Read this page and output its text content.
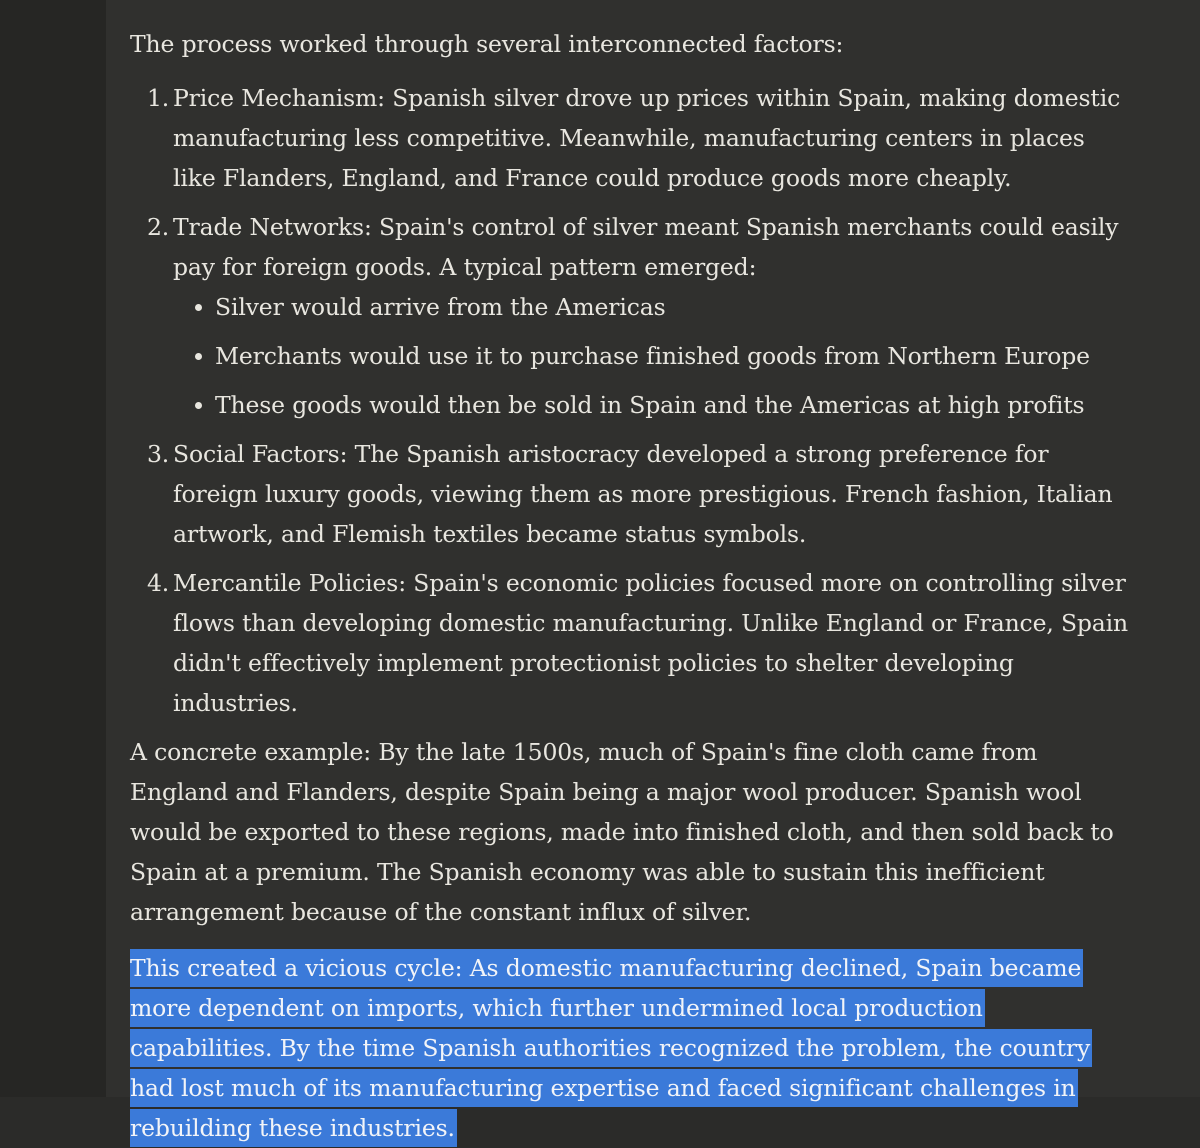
The process worked through several interconnected factors:

1. Price Mechanism: Spanish silver drove up prices within Spain, making domestic manufacturing less competitive. Meanwhile, manufacturing centers in places like Flanders, England, and France could produce goods more cheaply.
2. Trade Networks: Spain's control of silver meant Spanish merchants could easily pay for foreign goods. A typical pattern emerged:
Silver would arrive from the Americas
Merchants would use it to purchase finished goods from Northern Europe
These goods would then be sold in Spain and the Americas at high profits
3. Social Factors: The Spanish aristocracy developed a strong preference for foreign luxury goods, viewing them as more prestigious. French fashion, Italian artwork, and Flemish textiles became status symbols.
4. Mercantile Policies: Spain's economic policies focused more on controlling silver flows than developing domestic manufacturing. Unlike England or France, Spain didn't effectively implement protectionist policies to shelter developing industries.

A concrete example: By the late 1500s, much of Spain's fine cloth came from England and Flanders, despite Spain being a major wool producer. Spanish wool would be exported to these regions, made into finished cloth, and then sold back to Spain at a premium. The Spanish economy was able to sustain this inefficient arrangement because of the constant influx of silver.

This created a vicious cycle: As domestic manufacturing declined, Spain became more dependent on imports, which further undermined local production capabilities. By the time Spanish authorities recognized the problem, the country had lost much of its manufacturing expertise and faced significant challenges in rebuilding these industries.
